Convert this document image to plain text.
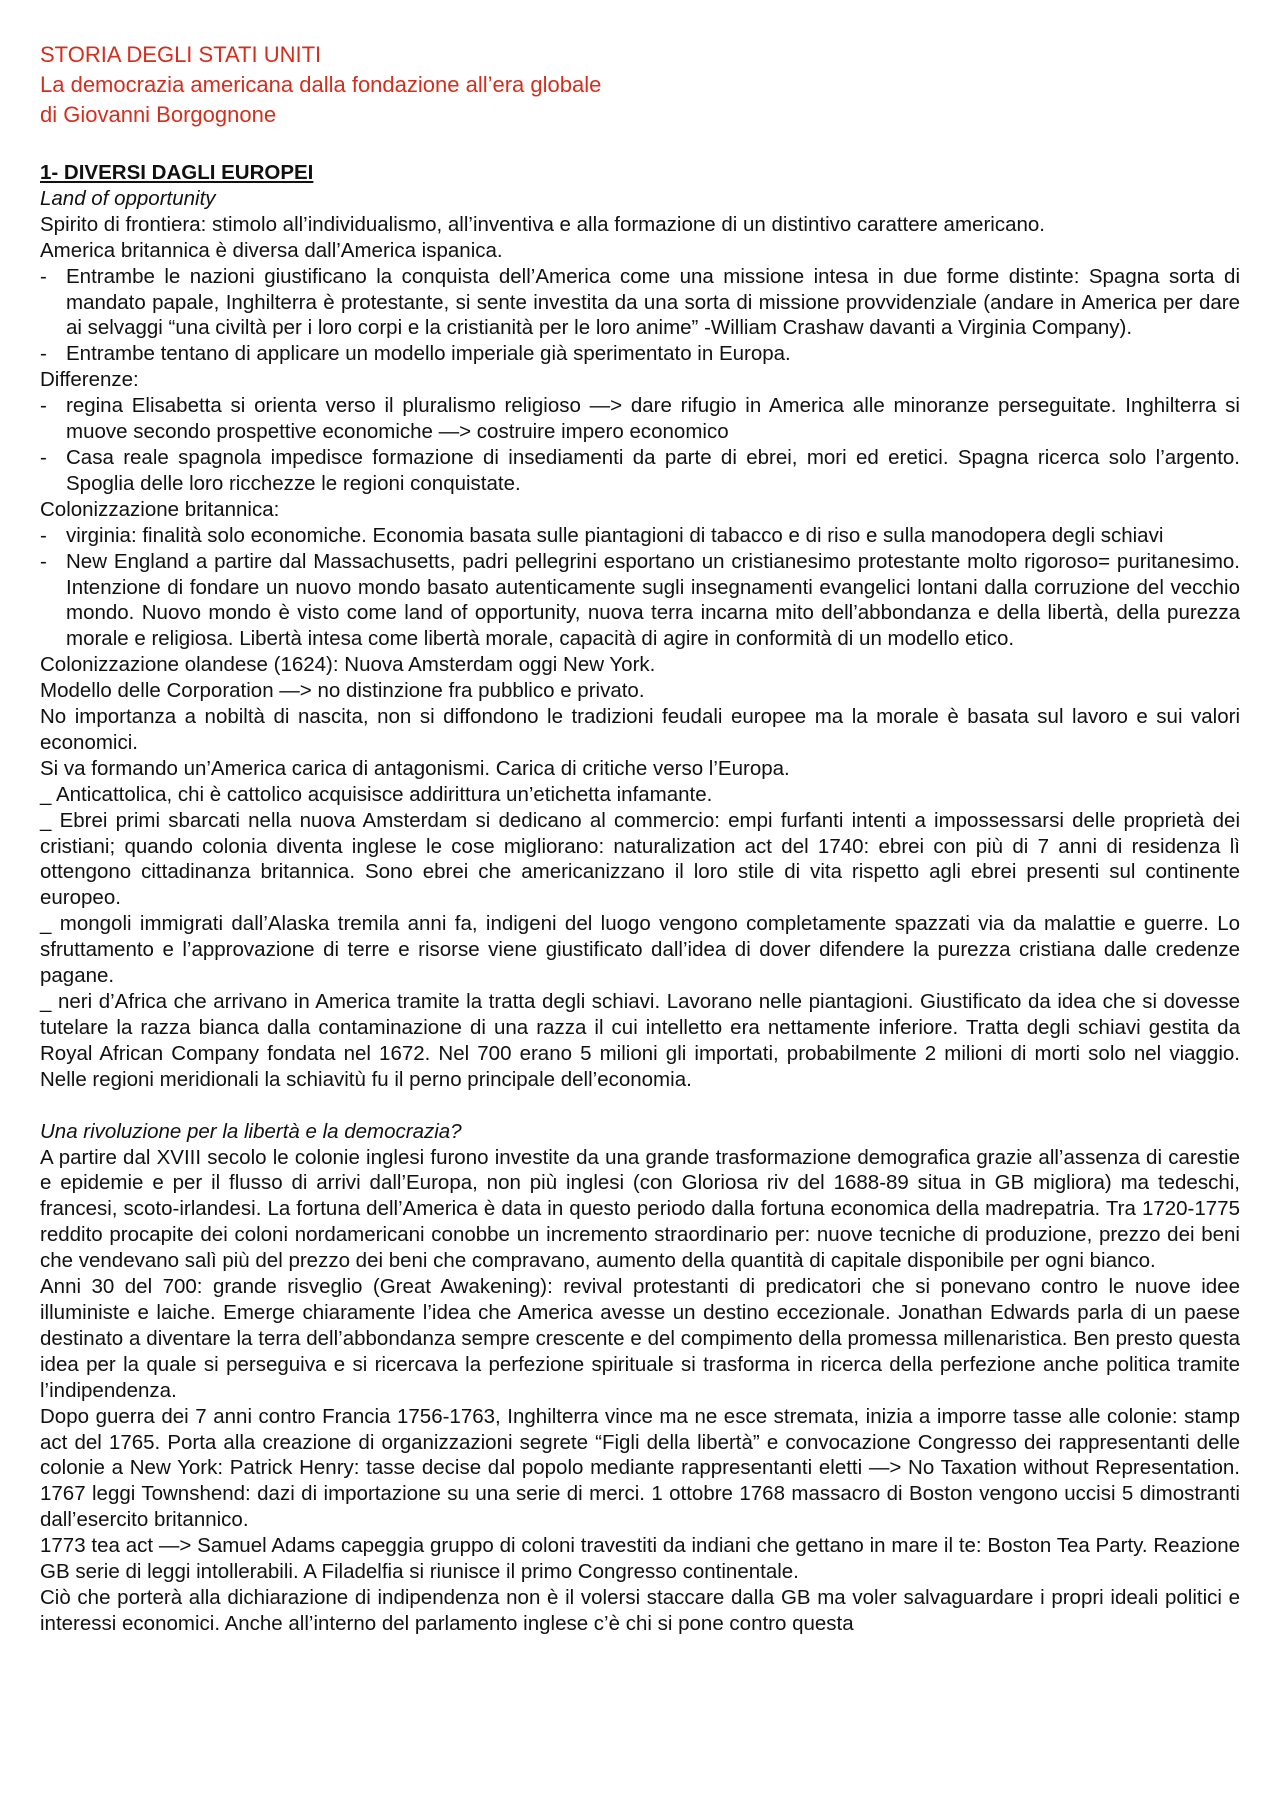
STORIA DEGLI STATI UNITI

La democrazia americana dalla fondazione all’era globale

di Giovanni Borgognone

1- DIVERSI DAGLI EUROPEI

Land of opportunity

Spirito di frontiera: stimolo all’individualismo, all’inventiva e alla formazione di un distintivo carattere americano.

America britannica è diversa dall’America ispanica.

- Entrambe le nazioni giustificano la conquista dell’America come una missione intesa in due forme distinte: Spagna sorta di mandato papale, Inghilterra è protestante, si sente investita da una sorta di missione provvidenziale (andare in America per dare ai selvaggi “una civiltà per i loro corpi e la cristianità per le loro anime” -William Crashaw davanti a Virginia Company).
- Entrambe tentano di applicare un modello imperiale già sperimentato in Europa.

Differenze:

- regina Elisabetta si orienta verso il pluralismo religioso —> dare rifugio in America alle minoranze perseguitate. Inghilterra si muove secondo prospettive economiche —> costruire impero economico
- Casa reale spagnola impedisce formazione di insediamenti da parte di ebrei, mori ed eretici. Spagna ricerca solo l’argento. Spoglia delle loro ricchezze le regioni conquistate.

Colonizzazione britannica:

- virginia: finalità solo economiche. Economia basata sulle piantagioni di tabacco e di riso e sulla manodopera degli schiavi
- New England a partire dal Massachusetts, padri pellegrini esportano un cristianesimo protestante molto rigoroso= puritanesimo. Intenzione di fondare un nuovo mondo basato autenticamente sugli insegnamenti evangelici lontani dalla corruzione del vecchio mondo. Nuovo mondo è visto come land of opportunity, nuova terra incarna mito dell’abbondanza e della libertà, della purezza morale e religiosa. Libertà intesa come libertà morale, capacità di agire in conformità di un modello etico.

Colonizzazione olandese (1624): Nuova Amsterdam oggi New York.

Modello delle Corporation —> no distinzione fra pubblico e privato.

No importanza a nobiltà di nascita, non si diffondono le tradizioni feudali europee ma la morale è basata sul lavoro e sui valori economici.

Si va formando un’America carica di antagonismi. Carica di critiche verso l’Europa.

_ Anticattolica, chi è cattolico acquisisce addirittura un’etichetta infamante.

_ Ebrei primi sbarcati nella nuova Amsterdam si dedicano al commercio: empi furfanti intenti a impossessarsi delle proprietà dei cristiani; quando colonia diventa inglese le cose migliorano: naturalization act del 1740: ebrei con più di 7 anni di residenza lì ottengono cittadinanza britannica. Sono ebrei che americanizzano il loro stile di vita rispetto agli ebrei presenti sul continente europeo.

_ mongoli immigrati dall’Alaska tremila anni fa, indigeni del luogo vengono completamente spazzati via da malattie e guerre. Lo sfruttamento e l’approvazione di terre e risorse viene giustificato dall’idea di dover difendere la purezza cristiana dalle credenze pagane.

_ neri d’Africa che arrivano in America tramite la tratta degli schiavi. Lavorano nelle piantagioni. Giustificato da idea che si dovesse tutelare la razza bianca dalla contaminazione di una razza il cui intelletto era nettamente inferiore. Tratta degli schiavi gestita da Royal African Company fondata nel 1672. Nel 700 erano 5 milioni gli importati, probabilmente 2 milioni di morti solo nel viaggio. Nelle regioni meridionali la schiavitù fu il perno principale dell’economia.

Una rivoluzione per la libertà e la democrazia?

A partire dal XVIII secolo le colonie inglesi furono investite da una grande trasformazione demografica grazie all’assenza di carestie e epidemie e per il flusso di arrivi dall’Europa, non più inglesi (con Gloriosa riv del 1688-89 situa in GB migliora) ma tedeschi, francesi, scoto-irlandesi. La fortuna dell’America è data in questo periodo dalla fortuna economica della madrepatria. Tra 1720-1775 reddito procapite dei coloni nordamericani conobbe un incremento straordinario per: nuove tecniche di produzione, prezzo dei beni che vendevano salì più del prezzo dei beni che compravano, aumento della quantità di capitale disponibile per ogni bianco.

Anni 30 del 700: grande risveglio (Great Awakening): revival protestanti di predicatori che si ponevano contro le nuove idee illuministe e laiche. Emerge chiaramente l’idea che America avesse un destino eccezionale. Jonathan Edwards parla di un paese destinato a diventare la terra dell’abbondanza sempre crescente e del compimento della promessa millenaristica. Ben presto questa idea per la quale si perseguiva e si ricercava la perfezione spirituale si trasforma in ricerca della perfezione anche politica tramite l’indipendenza.

Dopo guerra dei 7 anni contro Francia 1756-1763, Inghilterra vince ma ne esce stremata, inizia a imporre tasse alle colonie: stamp act del 1765. Porta alla creazione di organizzazioni segrete “Figli della libertà” e convocazione Congresso dei rappresentanti delle colonie a New York: Patrick Henry: tasse decise dal popolo mediante rappresentanti eletti —> No Taxation without Representation. 1767 leggi Townshend: dazi di importazione su una serie di merci. 1 ottobre 1768 massacro di Boston vengono uccisi 5 dimostranti dall’esercito britannico.

1773 tea act —> Samuel Adams capeggia gruppo di coloni travestiti da indiani che gettano in mare il te: Boston Tea Party. Reazione GB serie di leggi intollerabili. A Filadelfia si riunisce il primo Congresso continentale.

Ciò che porterà alla dichiarazione di indipendenza non è il volersi staccare dalla GB ma voler salvaguardare i propri ideali politici e interessi economici. Anche all’interno del parlamento inglese c’è chi si pone contro questa
